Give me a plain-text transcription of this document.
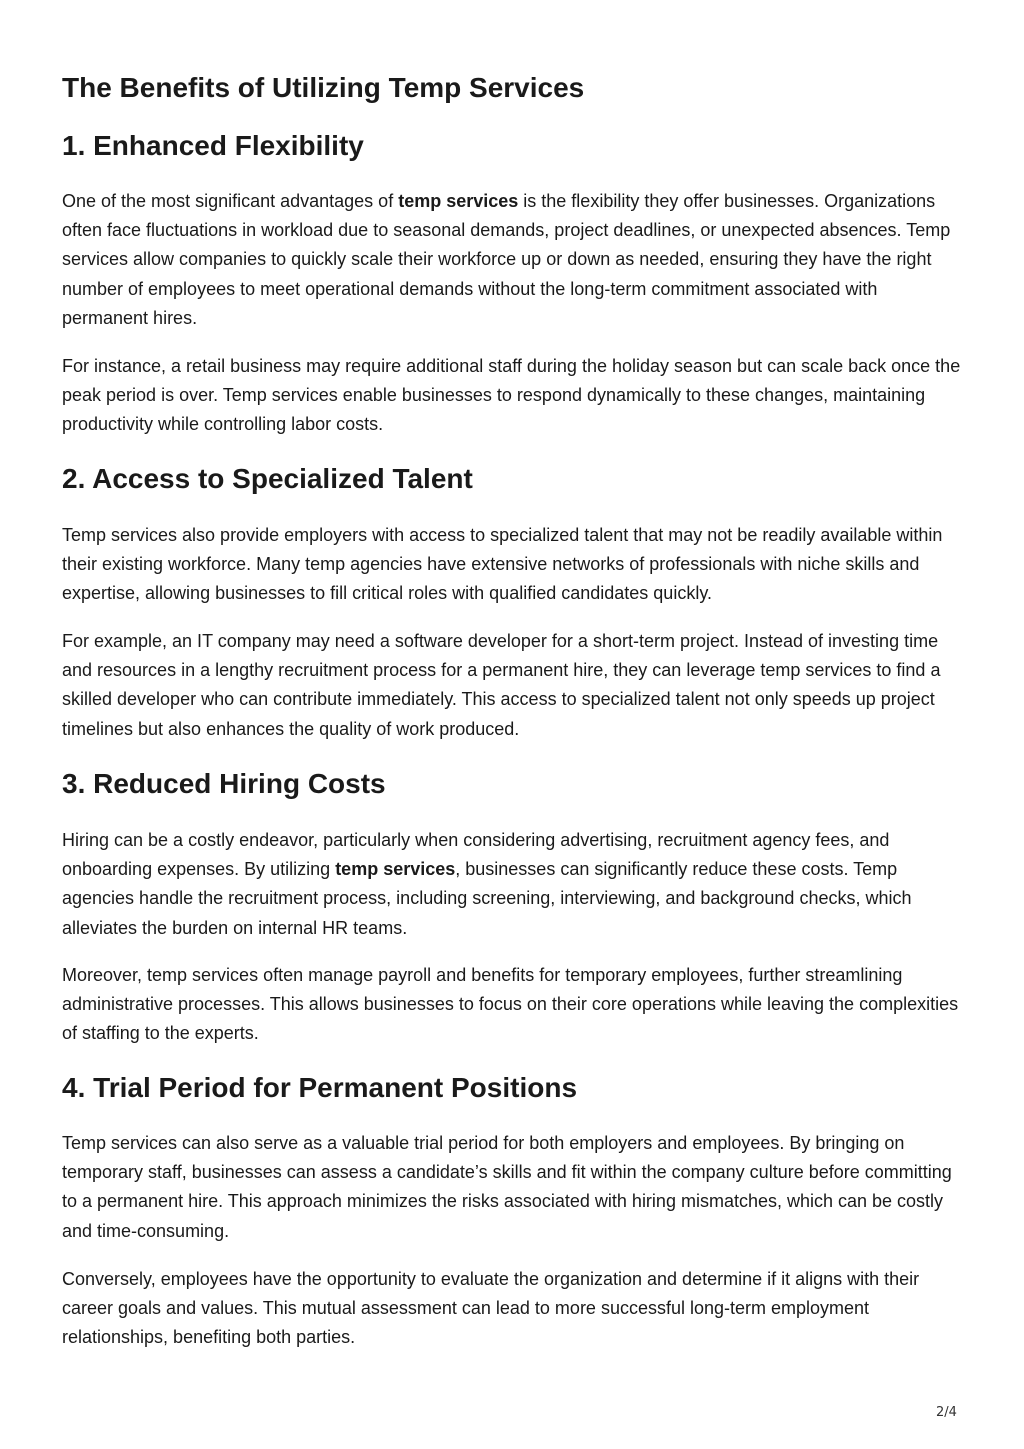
The Benefits of Utilizing Temp Services
1. Enhanced Flexibility

One of the most significant advantages of temp services is the flexibility they offer businesses. Organizations often face fluctuations in workload due to seasonal demands, project deadlines, or unexpected absences. Temp services allow companies to quickly scale their workforce up or down as needed, ensuring they have the right number of employees to meet operational demands without the long-term commitment associated with permanent hires.

For instance, a retail business may require additional staff during the holiday season but can scale back once the peak period is over. Temp services enable businesses to respond dynamically to these changes, maintaining productivity while controlling labor costs.

2. Access to Specialized Talent

Temp services also provide employers with access to specialized talent that may not be readily available within their existing workforce. Many temp agencies have extensive networks of professionals with niche skills and expertise, allowing businesses to fill critical roles with qualified candidates quickly.

For example, an IT company may need a software developer for a short-term project. Instead of investing time and resources in a lengthy recruitment process for a permanent hire, they can leverage temp services to find a skilled developer who can contribute immediately. This access to specialized talent not only speeds up project timelines but also enhances the quality of work produced.

3. Reduced Hiring Costs

Hiring can be a costly endeavor, particularly when considering advertising, recruitment agency fees, and onboarding expenses. By utilizing temp services, businesses can significantly reduce these costs. Temp agencies handle the recruitment process, including screening, interviewing, and background checks, which alleviates the burden on internal HR teams.

Moreover, temp services often manage payroll and benefits for temporary employees, further streamlining administrative processes. This allows businesses to focus on their core operations while leaving the complexities of staffing to the experts.

4. Trial Period for Permanent Positions

Temp services can also serve as a valuable trial period for both employers and employees. By bringing on temporary staff, businesses can assess a candidate’s skills and fit within the company culture before committing to a permanent hire. This approach minimizes the risks associated with hiring mismatches, which can be costly and time-consuming.

Conversely, employees have the opportunity to evaluate the organization and determine if it aligns with their career goals and values. This mutual assessment can lead to more successful long-term employment relationships, benefiting both parties.

2/4
